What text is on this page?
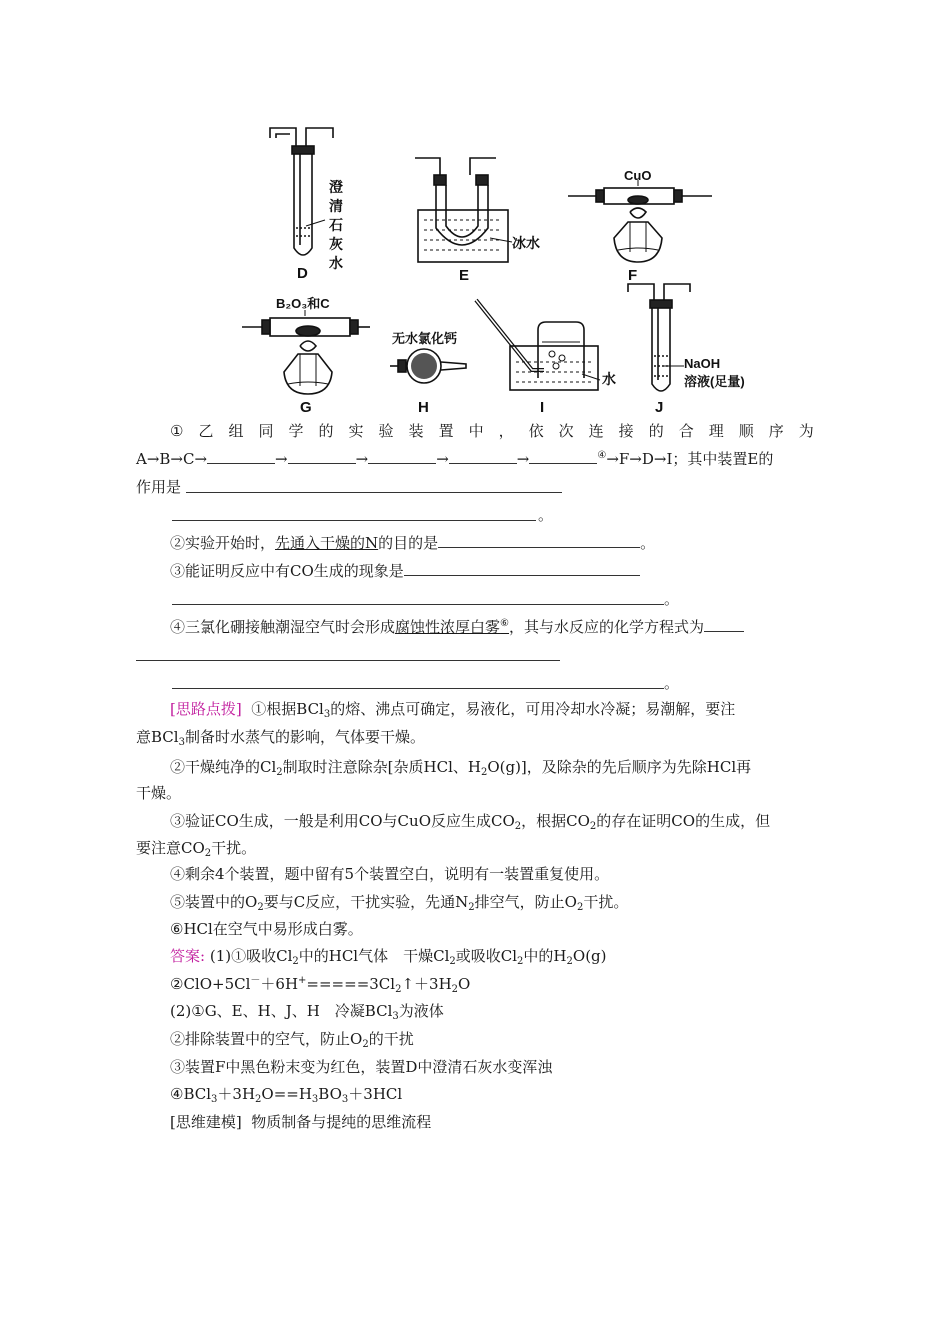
D
澄
清
石
灰
水
E
冰水
F
CuO
G
B₂O₃和C
H
无水氯化钙
I
水
J
NaOH
溶液(足量)
① 乙 组 同 学 的 实 验 装 置 中 ， 依 次 连 接 的 合 理 顺 序 为
A→B→C→	→	→	→	→	④→F→D→I；其中装置E的
作用是
。
②实验开始时，先通入干燥的N的目的是	。
③能证明反应中有CO生成的现象是
。
④三氯化硼接触潮湿空气时会形成腐蚀性浓厚白雾⑥，其与水反应的化学方程式为
。
[思路点拨] ①根据BCl$_3$的熔、沸点可确定，易液化，可用冷却水冷凝；易潮解，要注
意BCl$_3$制备时水蒸气的影响，气体要干燥。
②干燥纯净的$Cl_2$制取时注意除杂[杂质HCl、$H_2O(g)$]，及除杂的先后顺序为先除HCl再
干燥。
③验证CO生成，一般是利用CO与CuO反应生成$CO_2$，根据$CO_2$的存在证明CO的生成，但
要注意$CO_2$干扰。
④剩余4个装置，题中留有5个装置空白，说明有一装置重复使用。
⑤装置中的$O_2$要与C反应，干扰实验，先通$N_2$排空气，防止$O_2$干扰。
⑥HCl在空气中易形成白雾。
答案: (1)①吸收$Cl_2$中的HCl气体　干燥$Cl_2$或吸收$Cl_2$中的$H_2O(g)$
$②ClO+5Cl^-+6H^+=====3Cl_2↑+3H_2O$
(2)①G、E、H、J、H　冷凝BCl$_3$为液体
②排除装置中的空气，防止$O_2$的干扰
③装置F中黑色粉末变为红色，装置D中澄清石灰水变浑浊
$④BCl_3+3H_2O==H_3BO_3+3HCl$
[思维建模] 物质制备与提纯的思维流程
